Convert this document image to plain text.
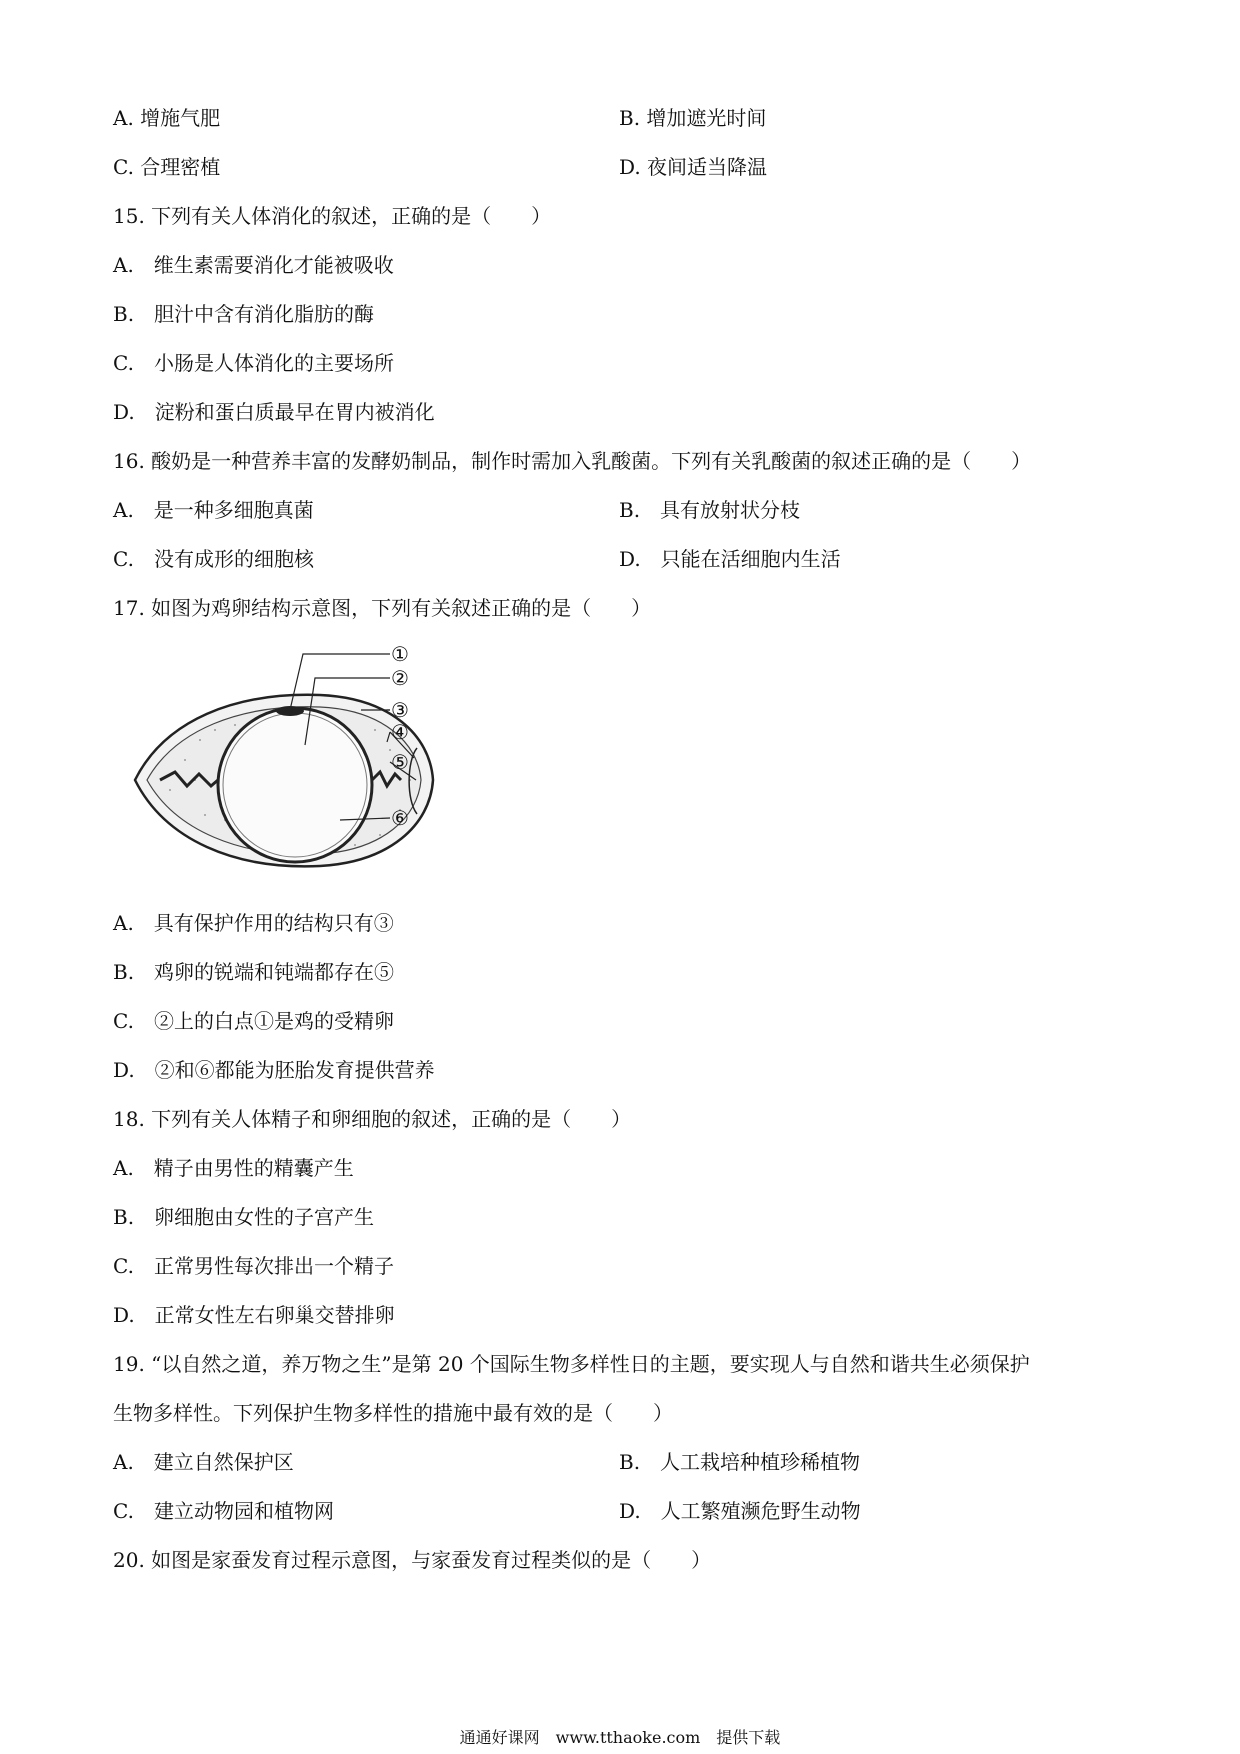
A. 增施气肥	B. 增加遮光时间
C. 合理密植	D. 夜间适当降温
15. 下列有关人体消化的叙述，正确的是（　　）
A.　维生素需要消化才能被吸收
B.　胆汁中含有消化脂肪的酶
C.　小肠是人体消化的主要场所
D.　淀粉和蛋白质最早在胃内被消化
16. 酸奶是一种营养丰富的发酵奶制品，制作时需加入乳酸菌。下列有关乳酸菌的叙述正确的是（　　）
A.　是一种多细胞真菌	B.　具有放射状分枝
C.　没有成形的细胞核	D.　只能在活细胞内生活
17. 如图为鸡卵结构示意图，下列有关叙述正确的是（　　）
①
②
③
④
⑤
⑥
A.　具有保护作用的结构只有③
B.　鸡卵的锐端和钝端都存在⑤
C.　②上的白点①是鸡的受精卵
D.　②和⑥都能为胚胎发育提供营养
18. 下列有关人体精子和卵细胞的叙述，正确的是（　　）
A.　精子由男性的精囊产生
B.　卵细胞由女性的子宫产生
C.　正常男性每次排出一个精子
D.　正常女性左右卵巢交替排卵
19. “以自然之道，养万物之生”是第 20 个国际生物多样性日的主题，要实现人与自然和谐共生必须保护
生物多样性。下列保护生物多样性的措施中最有效的是（　　）
A.　建立自然保护区	B.　人工栽培种植珍稀植物
C.　建立动物园和植物网	D.　人工繁殖濒危野生动物
20. 如图是家蚕发育过程示意图，与家蚕发育过程类似的是（　　）
通通好课网　www.tthaoke.com　提供下载
